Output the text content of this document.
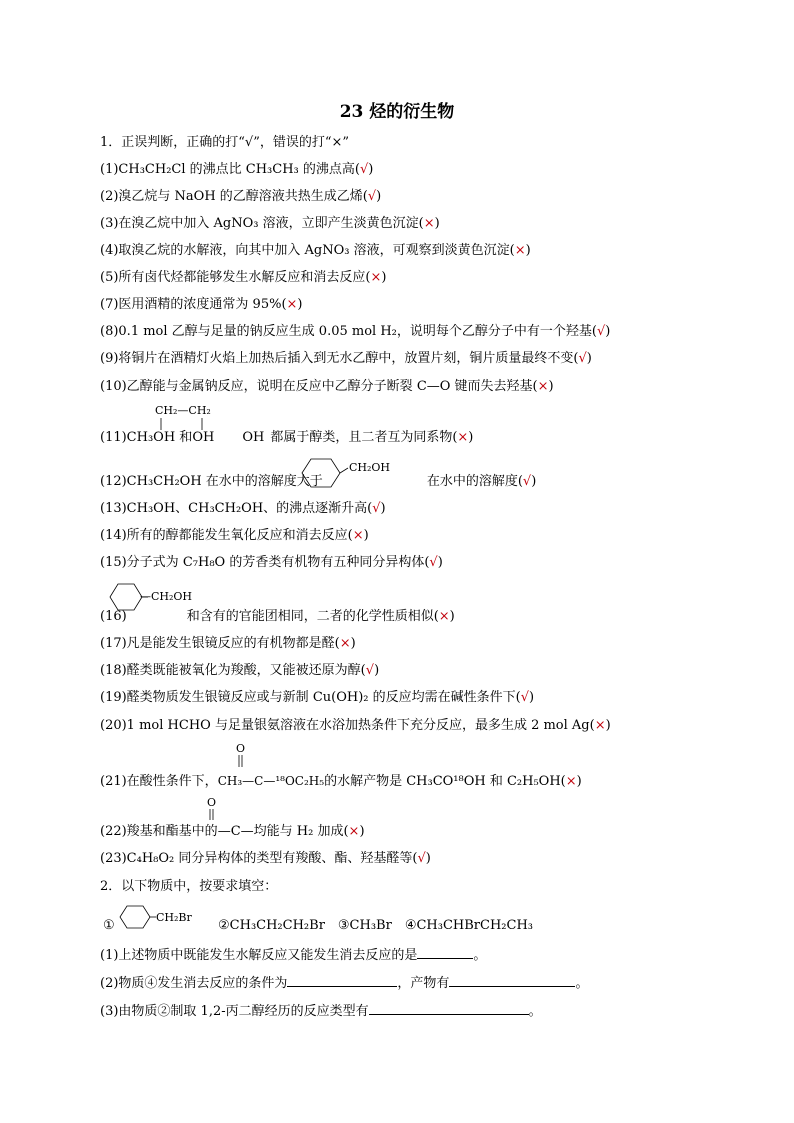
23 烃的衍生物
1．正误判断，正确的打“√”，错误的打“×”
(1)CH₃CH₂Cl 的沸点比 CH₃CH₃ 的沸点高(√)
(2)溴乙烷与 NaOH 的乙醇溶液共热生成乙烯(√)
(3)在溴乙烷中加入 AgNO₃ 溶液，立即产生淡黄色沉淀(×)
(4)取溴乙烷的水解液，向其中加入 AgNO₃ 溶液，可观察到淡黄色沉淀(×)
(5)所有卤代烃都能够发生水解反应和消去反应(×)
(7)医用酒精的浓度通常为 95%(×)
(8)0.1 mol 乙醇与足量的钠反应生成 0.05 mol H₂，说明每个乙醇分子中有一个羟基(√)
(9)将铜片在酒精灯火焰上加热后插入到无水乙醇中，放置片刻，铜片质量最终不变(√)
(10)乙醇能与金属钠反应，说明在反应中乙醇分子断裂 C—O 键而失去羟基(×)
CH₂—CH₂
(11)CH₃OH 和OH OH 都属于醇类，且二者互为同系物(×)
(12)CH₃CH₂OH 在水中的溶解度大于	在水中的溶解度(√)
CH₂OH
(13)CH₃OH、CH₃CH₂OH、的沸点逐渐升高(√)
(14)所有的醇都能发生氧化反应和消去反应(×)
(15)分子式为 C₇H₈O 的芳香类有机物有五种同分异构体(√)
—CH₂OH
(16)	和含有的官能团相同，二者的化学性质相似(×)
(17)凡是能发生银镜反应的有机物都是醛(×)
(18)醛类既能被氧化为羧酸，又能被还原为醇(√)
(19)醛类物质发生银镜反应或与新制 Cu(OH)₂ 的反应均需在碱性条件下(√)
(20)1 mol HCHO 与足量银氨溶液在水浴加热条件下充分反应，最多生成 2 mol Ag(×)
O
(21)在酸性条件下，CH₃—C—¹⁸OC₂H₅的水解产物是 CH₃CO¹⁸OH 和 C₂H₅OH(×)
O
(22)羧基和酯基中的—C—均能与 H₂ 加成(×)
(23)C₄H₈O₂ 同分异构体的类型有羧酸、酯、羟基醛等(√)
2．以下物质中，按要求填空：
①
CH₂Br
②CH₃CH₂CH₂Br　③CH₃Br　④CH₃CHBrCH₂CH₃
(1)上述物质中既能发生水解反应又能发生消去反应的是	。
(2)物质④发生消去反应的条件为	，产物有	。
(3)由物质②制取 1,2-丙二醇经历的反应类型有	。
